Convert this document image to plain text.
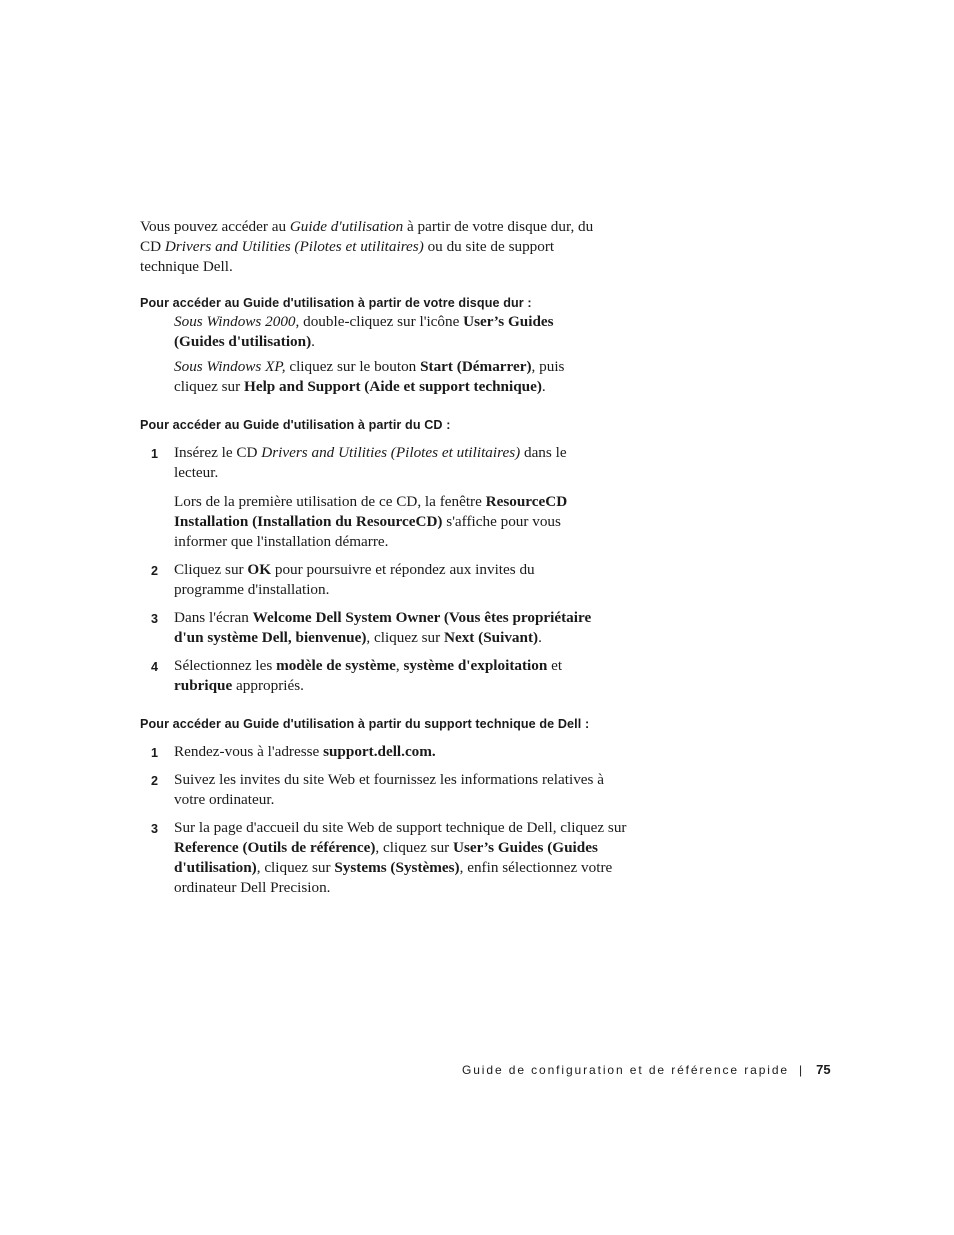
Vous pouvez accéder au Guide d'utilisation à partir de votre disque dur, du CD Drivers and Utilities (Pilotes et utilitaires) ou du site de support technique Dell.

Pour accéder au Guide d'utilisation à partir de votre disque dur :

Sous Windows 2000, double-cliquez sur l'icône User’s Guides (Guides d'utilisation).

Sous Windows XP, cliquez sur le bouton Start (Démarrer), puis cliquez sur Help and Support (Aide et support technique).

Pour accéder au Guide d'utilisation à partir du CD :
1 Insérez le CD Drivers and Utilities (Pilotes et utilitaires) dans le lecteur.

Lors de la première utilisation de ce CD, la fenêtre ResourceCD Installation (Installation du ResourceCD) s'affiche pour vous informer que l'installation démarre.

2 Cliquez sur OK pour poursuivre et répondez aux invites du programme d'installation.

3 Dans l'écran Welcome Dell System Owner (Vous êtes propriétaire d'un système Dell, bienvenue), cliquez sur Next (Suivant).

4 Sélectionnez les modèle de système, système d'exploitation et rubrique appropriés.

Pour accéder au Guide d'utilisation à partir du support technique de Dell :
1 Rendez-vous à l'adresse support.dell.com.

2 Suivez les invites du site Web et fournissez les informations relatives à votre ordinateur.

3 Sur la page d'accueil du site Web de support technique de Dell, cliquez sur Reference (Outils de référence), cliquez sur User’s Guides (Guides d'utilisation), cliquez sur Systems (Systèmes), enfin sélectionnez votre ordinateur Dell Precision.

Guide de configuration et de référence rapide | 75
